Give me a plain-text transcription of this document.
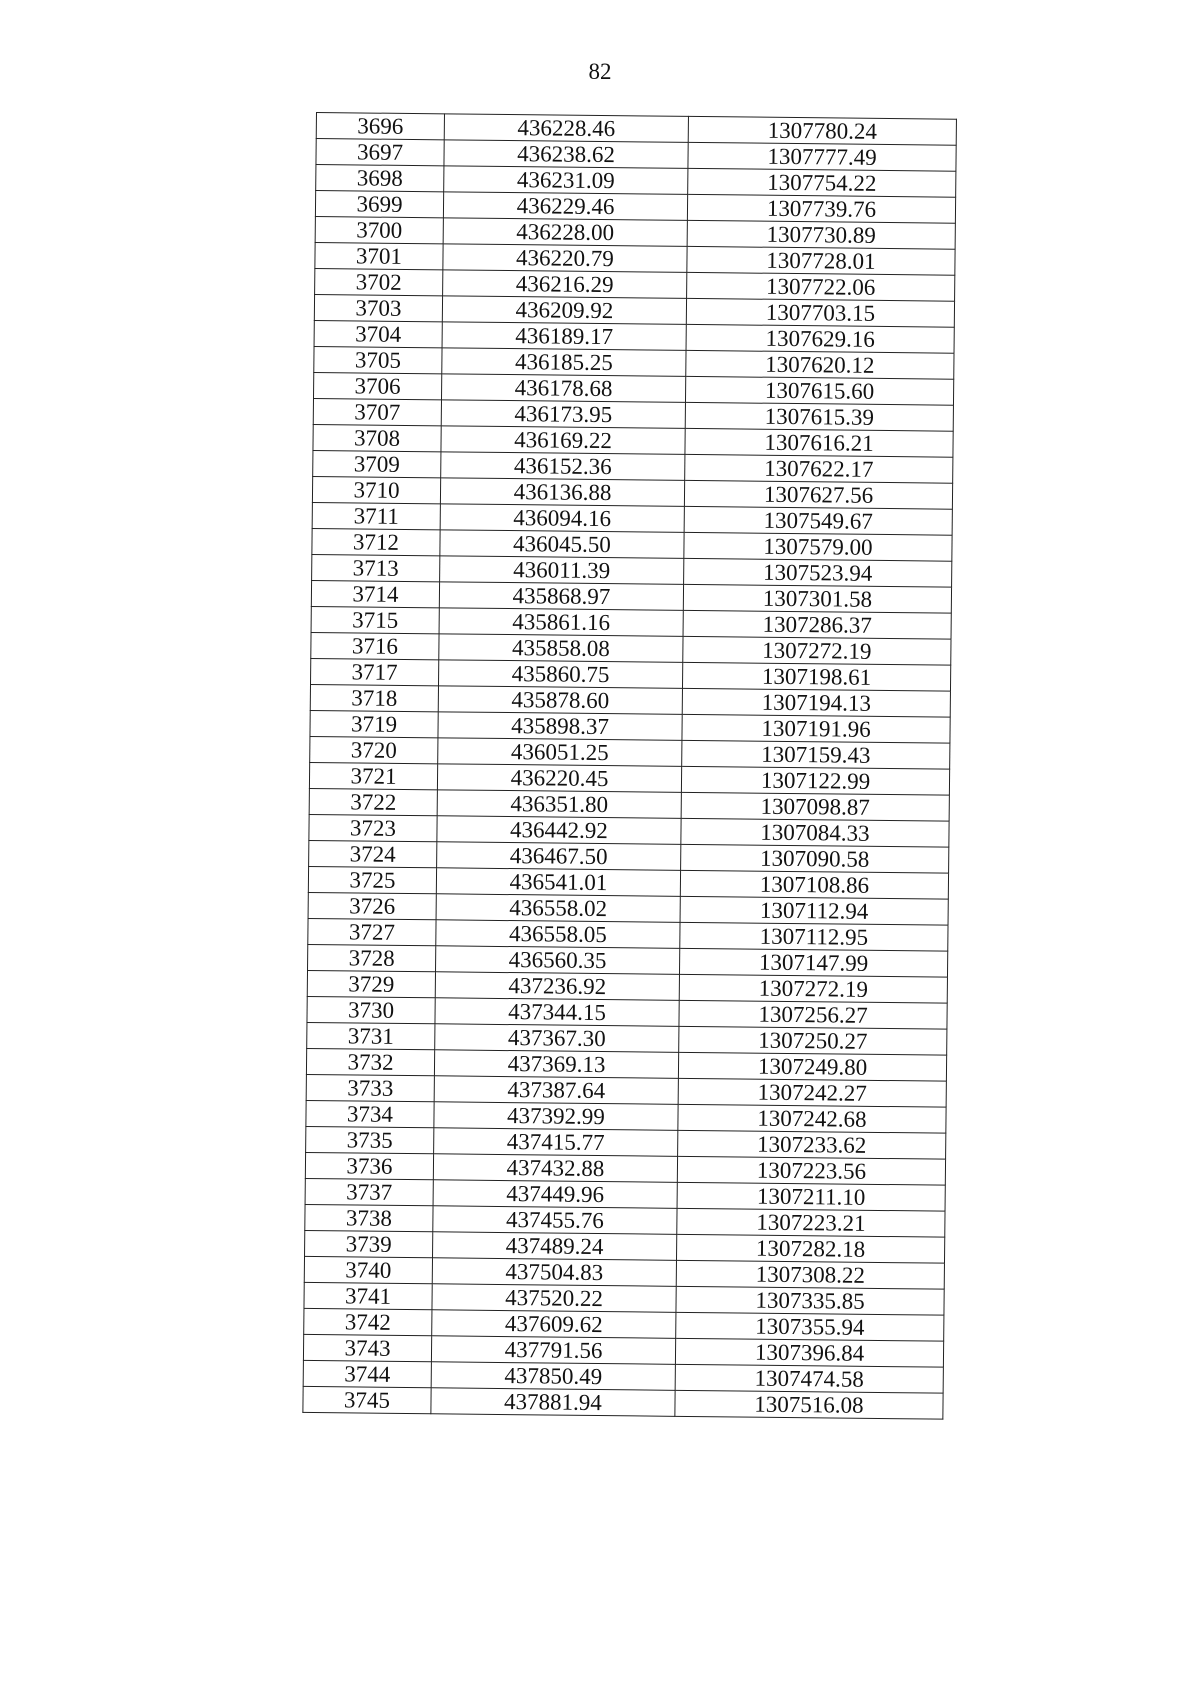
82
3696	436228.46	1307780.24
3697	436238.62	1307777.49
3698	436231.09	1307754.22
3699	436229.46	1307739.76
3700	436228.00	1307730.89
3701	436220.79	1307728.01
3702	436216.29	1307722.06
3703	436209.92	1307703.15
3704	436189.17	1307629.16
3705	436185.25	1307620.12
3706	436178.68	1307615.60
3707	436173.95	1307615.39
3708	436169.22	1307616.21
3709	436152.36	1307622.17
3710	436136.88	1307627.56
3711	436094.16	1307549.67
3712	436045.50	1307579.00
3713	436011.39	1307523.94
3714	435868.97	1307301.58
3715	435861.16	1307286.37
3716	435858.08	1307272.19
3717	435860.75	1307198.61
3718	435878.60	1307194.13
3719	435898.37	1307191.96
3720	436051.25	1307159.43
3721	436220.45	1307122.99
3722	436351.80	1307098.87
3723	436442.92	1307084.33
3724	436467.50	1307090.58
3725	436541.01	1307108.86
3726	436558.02	1307112.94
3727	436558.05	1307112.95
3728	436560.35	1307147.99
3729	437236.92	1307272.19
3730	437344.15	1307256.27
3731	437367.30	1307250.27
3732	437369.13	1307249.80
3733	437387.64	1307242.27
3734	437392.99	1307242.68
3735	437415.77	1307233.62
3736	437432.88	1307223.56
3737	437449.96	1307211.10
3738	437455.76	1307223.21
3739	437489.24	1307282.18
3740	437504.83	1307308.22
3741	437520.22	1307335.85
3742	437609.62	1307355.94
3743	437791.56	1307396.84
3744	437850.49	1307474.58
3745	437881.94	1307516.08
